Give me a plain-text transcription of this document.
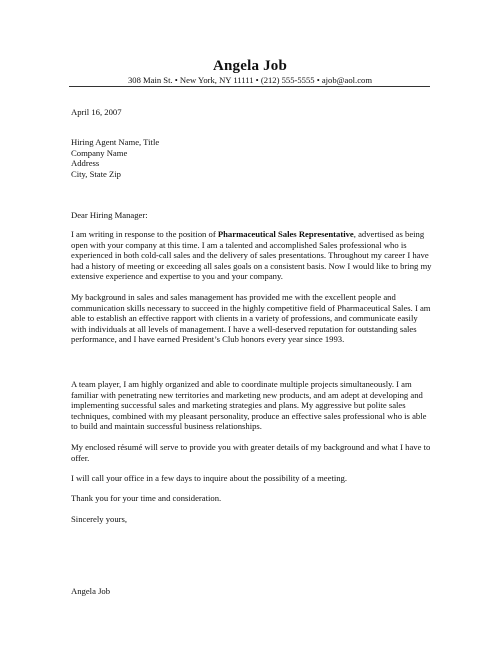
Angela Job
308 Main St. • New York, NY 11111 • (212) 555-5555 • ajob@aol.com

April 16, 2007

Hiring Agent Name, Title
Company Name
Address
City, State Zip

Dear Hiring Manager:

I am writing in response to the position of Pharmaceutical Sales Representative, advertised as being open with your company at this time. I am a talented and accomplished Sales professional who is experienced in both cold-call sales and the delivery of sales presentations. Throughout my career I have had a history of meeting or exceeding all sales goals on a consistent basis. Now I would like to bring my extensive experience and expertise to you and your company.

My background in sales and sales management has provided me with the excellent people and communication skills necessary to succeed in the highly competitive field of Pharmaceutical Sales. I am able to establish an effective rapport with clients in a variety of professions, and communicate easily with individuals at all levels of management. I have a well-deserved reputation for outstanding sales performance, and I have earned President’s Club honors every year since 1993.

A team player, I am highly organized and able to coordinate multiple projects simultaneously. I am familiar with penetrating new territories and marketing new products, and am adept at developing and implementing successful sales and marketing strategies and plans. My aggressive but polite sales techniques, combined with my pleasant personality, produce an effective sales professional who is able to build and maintain successful business relationships.

My enclosed résumé will serve to provide you with greater details of my background and what I have to offer.

I will call your office in a few days to inquire about the possibility of a meeting.

Thank you for your time and consideration.

Sincerely yours,

Angela Job
